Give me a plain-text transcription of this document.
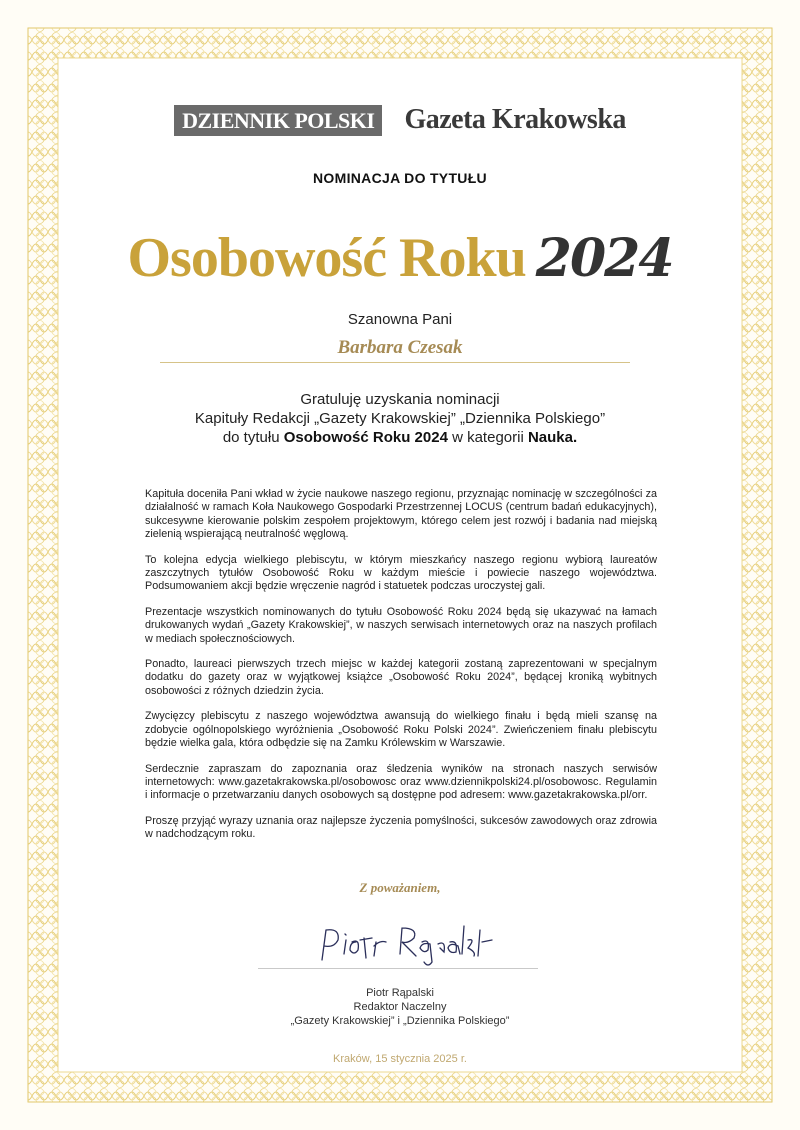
DZIENNIK POLSKI Gazeta Krakowska
NOMINACJA DO TYTUŁU
Osobowość Roku 2024
Szanowna Pani
Barbara Czesak
Gratuluję uzyskania nominacji
Kapituły Redakcji „Gazety Krakowskiej” „Dziennika Polskiego”
do tytułu Osobowość Roku 2024 w kategorii Nauka.

Kapituła doceniła Pani wkład w życie naukowe naszego regionu, przyznając nominację w szczególności za działalność w ramach Koła Naukowego Gospodarki Przestrzennej LOCUS (centrum badań edukacyjnych), sukcesywne kierowanie polskim zespołem projektowym, którego celem jest rozwój i badania nad miejską zielenią wspierającą neutralność węglową.

To kolejna edycja wielkiego plebiscytu, w którym mieszkańcy naszego regionu wybiorą laureatów zaszczytnych tytułów Osobowość Roku w każdym mieście i powiecie naszego województwa. Podsumowaniem akcji będzie wręczenie nagród i statuetek podczas uroczystej gali.

Prezentacje wszystkich nominowanych do tytułu Osobowość Roku 2024 będą się ukazywać na łamach drukowanych wydań „Gazety Krakowskiej”, w naszych serwisach internetowych oraz na naszych profilach w mediach społecznościowych.

Ponadto, laureaci pierwszych trzech miejsc w każdej kategorii zostaną zaprezentowani w specjalnym dodatku do gazety oraz w wyjątkowej książce „Osobowość Roku 2024”, będącej kroniką wybitnych osobowości z różnych dziedzin życia.

Zwycięzcy plebiscytu z naszego województwa awansują do wielkiego finału i będą mieli szansę na zdobycie ogólnopolskiego wyróżnienia „Osobowość Roku Polski 2024”. Zwieńczeniem finału plebiscytu będzie wielka gala, która odbędzie się na Zamku Królewskim w Warszawie.

Serdecznie zapraszam do zapoznania oraz śledzenia wyników na stronach naszych serwisów internetowych: www.gazetakrakowska.pl/osobowosc oraz www.dziennikpolski24.pl/osobowosc. Regulamin i informacje o przetwarzaniu danych osobowych są dostępne pod adresem: www.gazetakrakowska.pl/orr.

Proszę przyjąć wyrazy uznania oraz najlepsze życzenia pomyślności, sukcesów zawodowych oraz zdrowia w nadchodzącym roku.

Z poważaniem,
Piotr Rąpalski
Redaktor Naczelny
„Gazety Krakowskiej” i „Dziennika Polskiego”
Kraków, 15 stycznia 2025 r.
